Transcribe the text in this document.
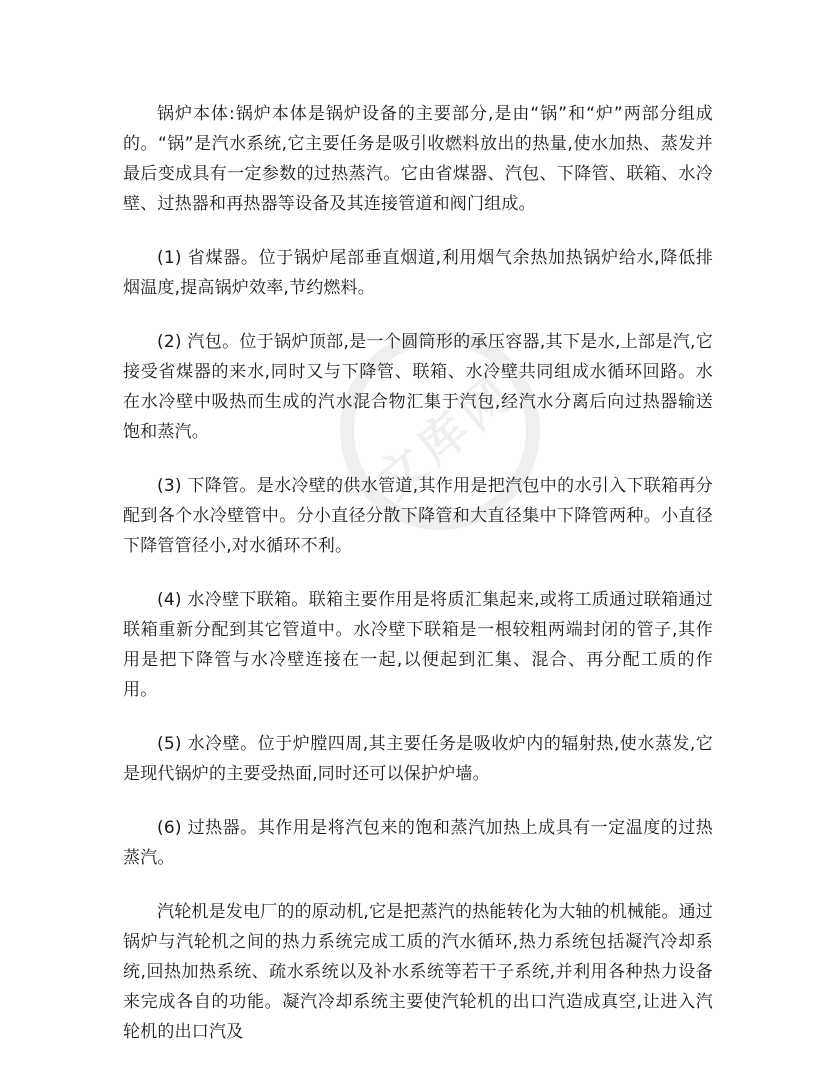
文库网

锅炉本体:锅炉本体是锅炉设备的主要部分,是由“锅”和“炉”两部分组成的。“锅”是汽水系统,它主要任务是吸引收燃料放出的热量,使水加热、蒸发并最后变成具有一定参数的过热蒸汽。它由省煤器、汽包、下降管、联箱、水冷壁、过热器和再热器等设备及其连接管道和阀门组成。

(1) 省煤器。位于锅炉尾部垂直烟道,利用烟气余热加热锅炉给水,降低排烟温度,提高锅炉效率,节约燃料。

(2) 汽包。位于锅炉顶部,是一个圆筒形的承压容器,其下是水,上部是汽,它接受省煤器的来水,同时又与下降管、联箱、水冷壁共同组成水循环回路。水在水冷壁中吸热而生成的汽水混合物汇集于汽包,经汽水分离后向过热器输送饱和蒸汽。

(3) 下降管。是水冷壁的供水管道,其作用是把汽包中的水引入下联箱再分配到各个水冷壁管中。分小直径分散下降管和大直径集中下降管两种。小直径下降管管径小,对水循环不利。

(4) 水冷壁下联箱。联箱主要作用是将质汇集起来,或将工质通过联箱通过联箱重新分配到其它管道中。水冷壁下联箱是一根较粗两端封闭的管子,其作用是把下降管与水冷壁连接在一起,以便起到汇集、混合、再分配工质的作用。

(5) 水冷壁。位于炉膛四周,其主要任务是吸收炉内的辐射热,使水蒸发,它是现代锅炉的主要受热面,同时还可以保护炉墙。

(6) 过热器。其作用是将汽包来的饱和蒸汽加热上成具有一定温度的过热蒸汽。

汽轮机是发电厂的的原动机,它是把蒸汽的热能转化为大轴的机械能。通过锅炉与汽轮机之间的热力系统完成工质的汽水循环,热力系统包括凝汽冷却系统,回热加热系统、疏水系统以及补水系统等若干子系统,并利用各种热力设备来完成各自的功能。凝汽冷却系统主要使汽轮机的出口汽造成真空,让进入汽轮机的出口汽及
